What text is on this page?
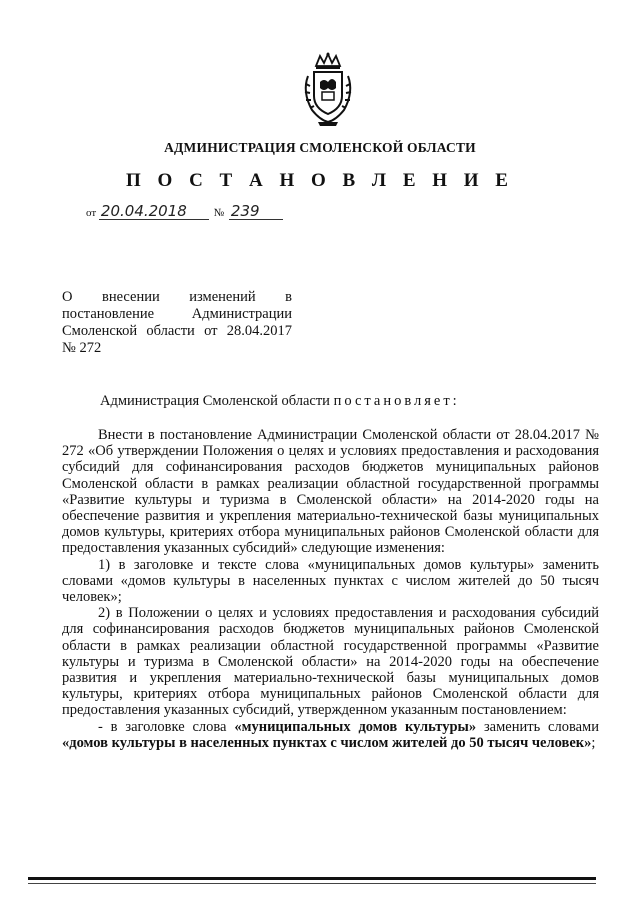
АДМИНИСТРАЦИЯ СМОЛЕНСКОЙ ОБЛАСТИ
П О С Т А Н О В Л Е Н И Е
от 20.04.2018 № 239
О внесении изменений в
постановление Администрации
Смоленской области от 28.04.2017
№ 272
Администрация Смоленской области постановляет:

Внести в постановление Администрации Смоленской области от 28.04.2017 № 272 «Об утверждении Положения о целях и условиях предоставления и расходования субсидий для софинансирования расходов бюджетов муниципальных районов Смоленской области в рамках реализации областной государственной программы «Развитие культуры и туризма в Смоленской области» на 2014-2020 годы на обеспечение развития и укрепления материально-технической базы муниципальных домов культуры, критериях отбора муниципальных районов Смоленской области для предоставления указанных субсидий» следующие изменения:

1) в заголовке и тексте слова «муниципальных домов культуры» заменить словами «домов культуры в населенных пунктах с числом жителей до 50 тысяч человек»;

2) в Положении о целях и условиях предоставления и расходования субсидий для софинансирования расходов бюджетов муниципальных районов Смоленской области в рамках реализации областной государственной программы «Развитие культуры и туризма в Смоленской области» на 2014-2020 годы на обеспечение развития и укрепления материально-технической базы муниципальных домов культуры, критериях отбора муниципальных районов Смоленской области для предоставления указанных субсидий, утвержденном указанным постановлением:

- в заголовке слова «муниципальных домов культуры» заменить словами «домов культуры в населенных пунктах с числом жителей до 50 тысяч человек»;
